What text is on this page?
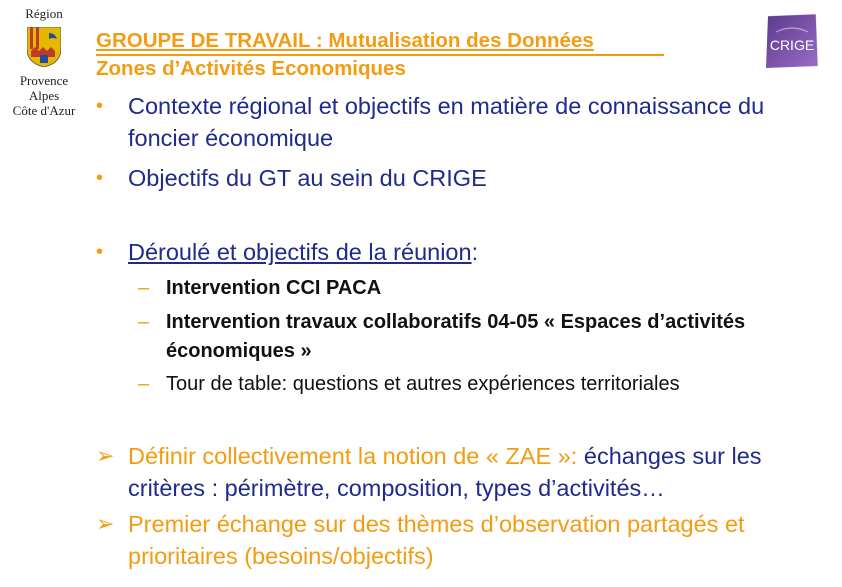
Région
Provence
Alpes
Côte d'Azur
GROUPE DE TRAVAIL : Mutualisation des Données
Zones d’Activités Economiques
CRIGE
• Contexte régional et objectifs en matière de connaissance du foncier économique
• Objectifs du GT au sein du CRIGE
• Déroulé et objectifs de la réunion:
– Intervention CCI PACA
– Intervention travaux collaboratifs 04-05 « Espaces d’activités économiques »
– Tour de table: questions et autres expériences territoriales
➢ Définir collectivement la notion de « ZAE »: échanges sur les critères : périmètre, composition, types d’activités…
➢ Premier échange sur des thèmes d’observation partagés et prioritaires (besoins/objectifs)
